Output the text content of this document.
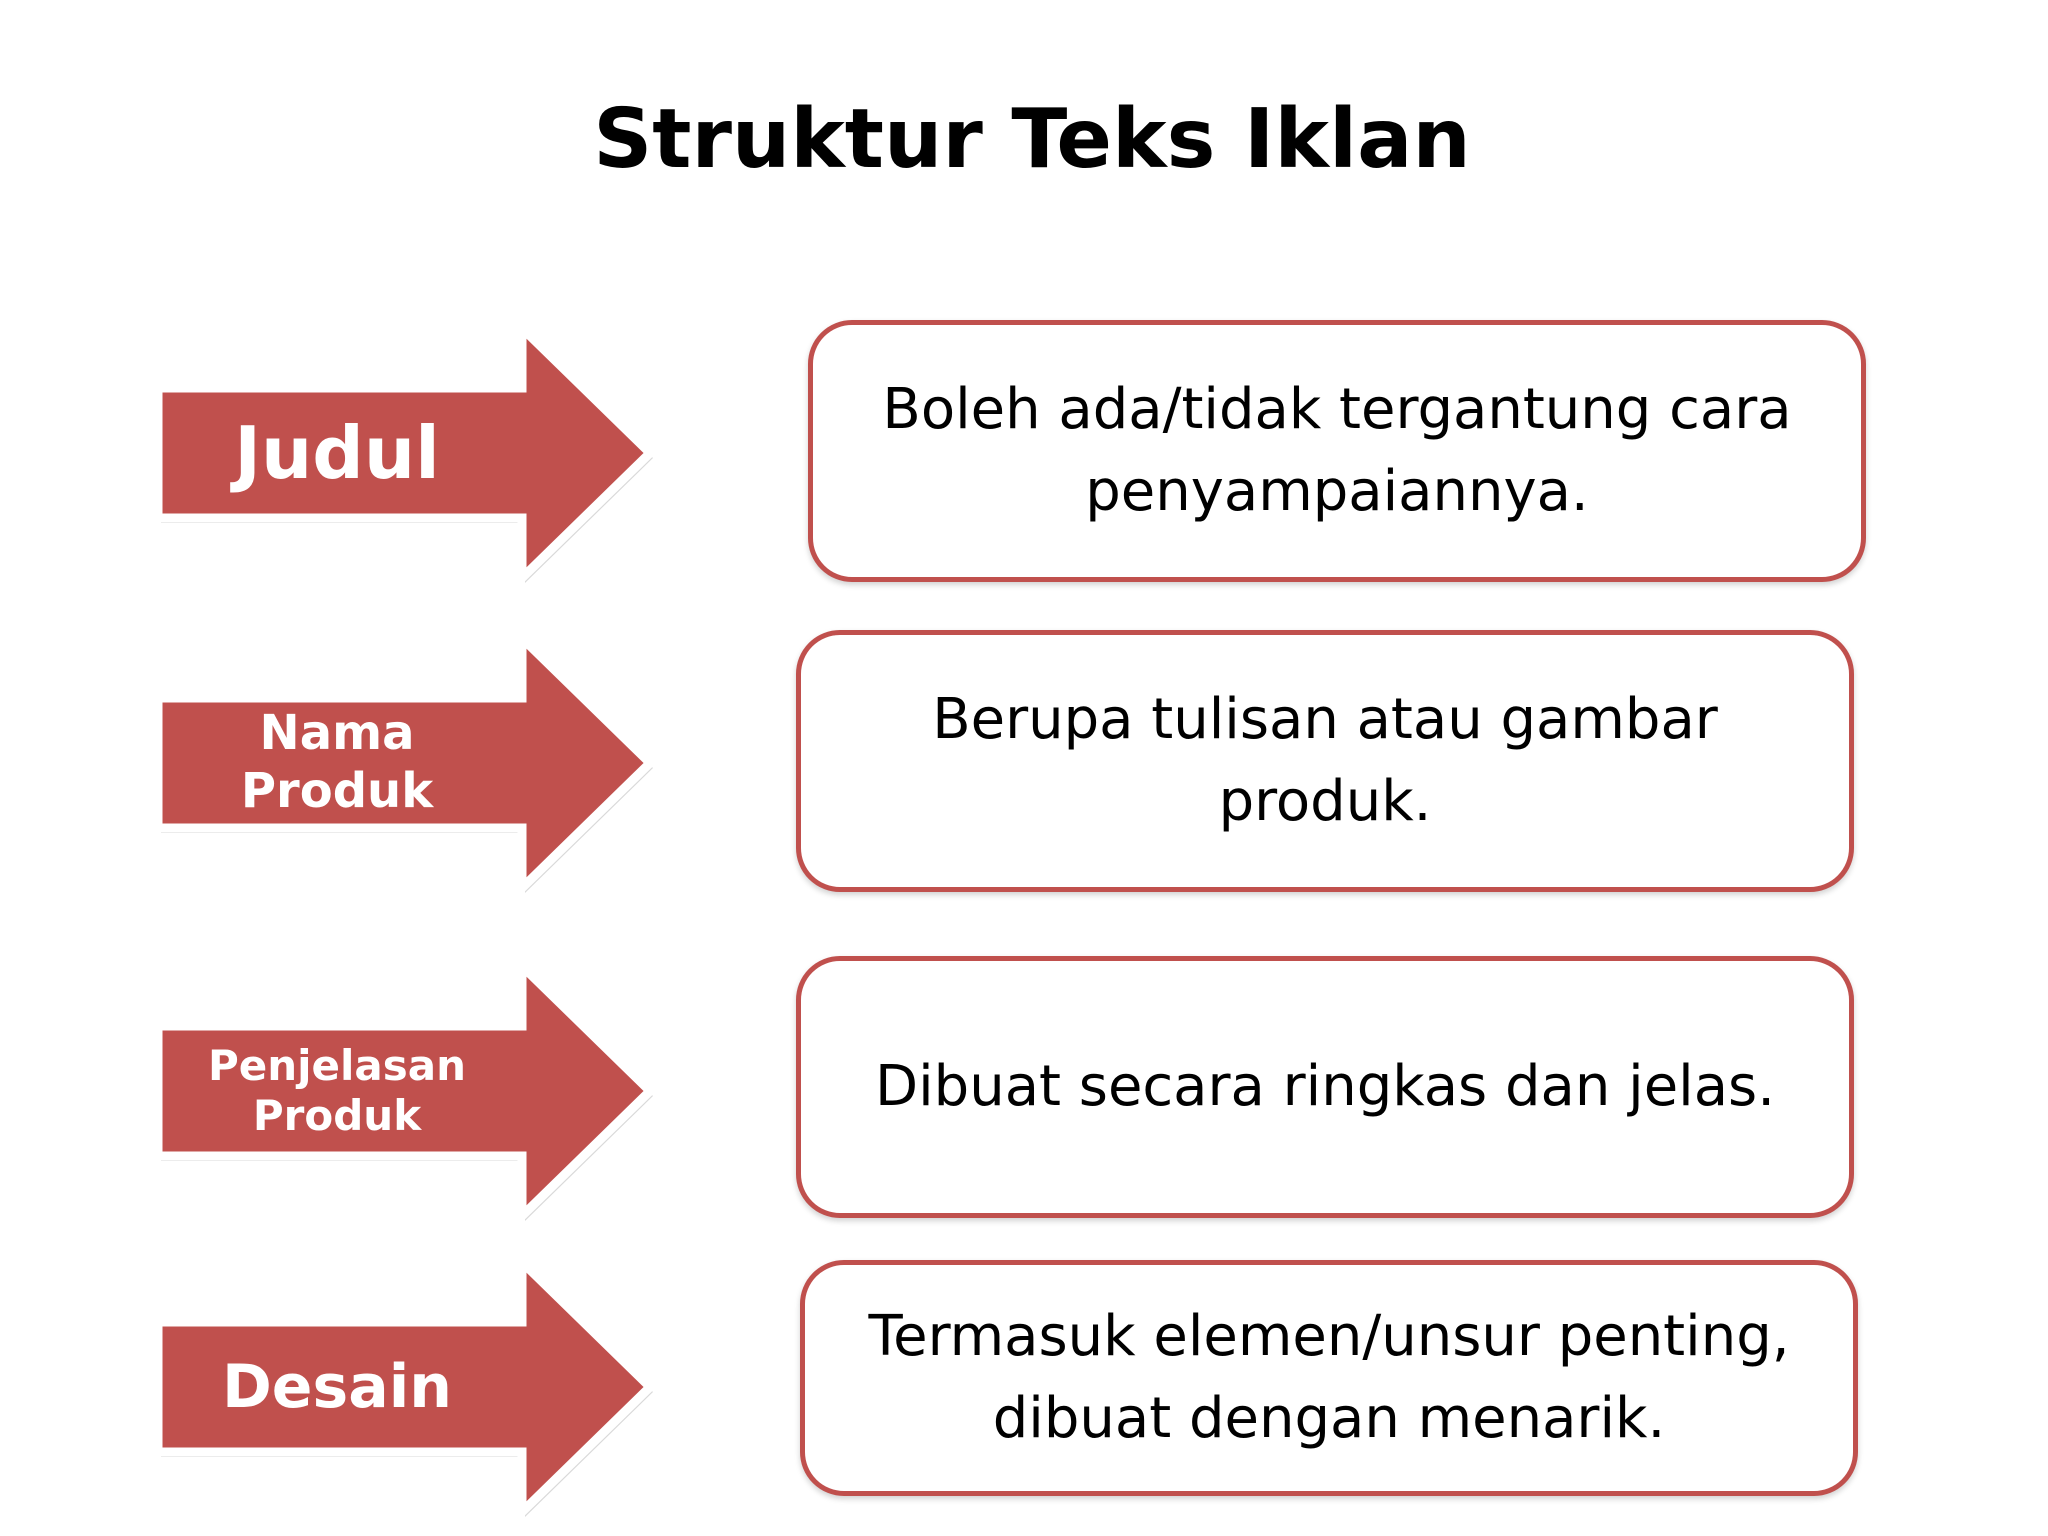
Struktur Teks Iklan
Judul
Boleh ada/tidak tergantung cara penyampaiannya.
Nama Produk
Berupa tulisan atau gambar produk.
Penjelasan Produk	Dibuat secara ringkas dan jelas.
Desain
Termasuk elemen/unsur penting, dibuat dengan menarik.
